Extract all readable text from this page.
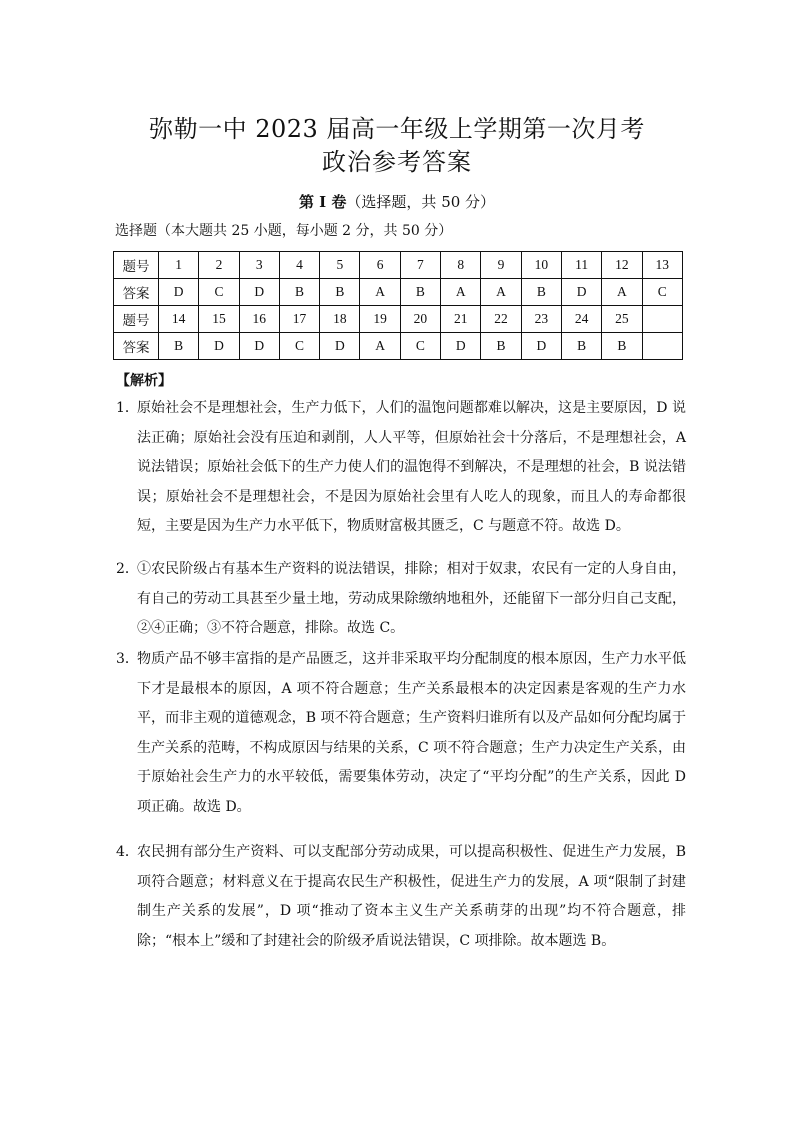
弥勒一中 2023 届高一年级上学期第一次月考
政治参考答案
第 I 卷（选择题，共 50 分）
选择题（本大题共 25 小题，每小题 2 分，共 50 分）
题号	1	2	3	4	5	6	7	8	9	10	11	12	13
答案	D	C	D	B	B	A	B	A	A	B	D	A	C
题号	14	15	16	17	18	19	20	21	22	23	24	25	
答案	B	D	D	C	D	A	C	D	B	D	B	B	
【解析】
1．
原始社会不是理想社会，生产力低下，人们的温饱问题都难以解决，这是主要原因，D 说法正确；原始社会没有压迫和剥削，人人平等，但原始社会十分落后，不是理想社会，A 说法错误；原始社会低下的生产力使人们的温饱得不到解决，不是理想的社会，B 说法错误；原始社会不是理想社会，不是因为原始社会里有人吃人的现象，而且人的寿命都很短，主要是因为生产力水平低下，物质财富极其匮乏，C 与题意不符。故选 D。
2．
①农民阶级占有基本生产资料的说法错误，排除；相对于奴隶，农民有一定的人身自由，有自己的劳动工具甚至少量土地，劳动成果除缴纳地租外，还能留下一部分归自己支配，②④正确；③不符合题意，排除。故选 C。
3．
物质产品不够丰富指的是产品匮乏，这并非采取平均分配制度的根本原因，生产力水平低下才是最根本的原因，A 项不符合题意；生产关系最根本的决定因素是客观的生产力水平，而非主观的道德观念，B 项不符合题意；生产资料归谁所有以及产品如何分配均属于生产关系的范畴，不构成原因与结果的关系，C 项不符合题意；生产力决定生产关系，由于原始社会生产力的水平较低，需要集体劳动，决定了“平均分配”的生产关系，因此 D 项正确。故选 D。
4．
农民拥有部分生产资料、可以支配部分劳动成果，可以提高积极性、促进生产力发展，B 项符合题意；材料意义在于提高农民生产积极性，促进生产力的发展，A 项“限制了封建制生产关系的发展”，D 项“推动了资本主义生产关系萌芽的出现”均不符合题意，排除；“根本上”缓和了封建社会的阶级矛盾说法错误，C 项排除。故本题选 B。
